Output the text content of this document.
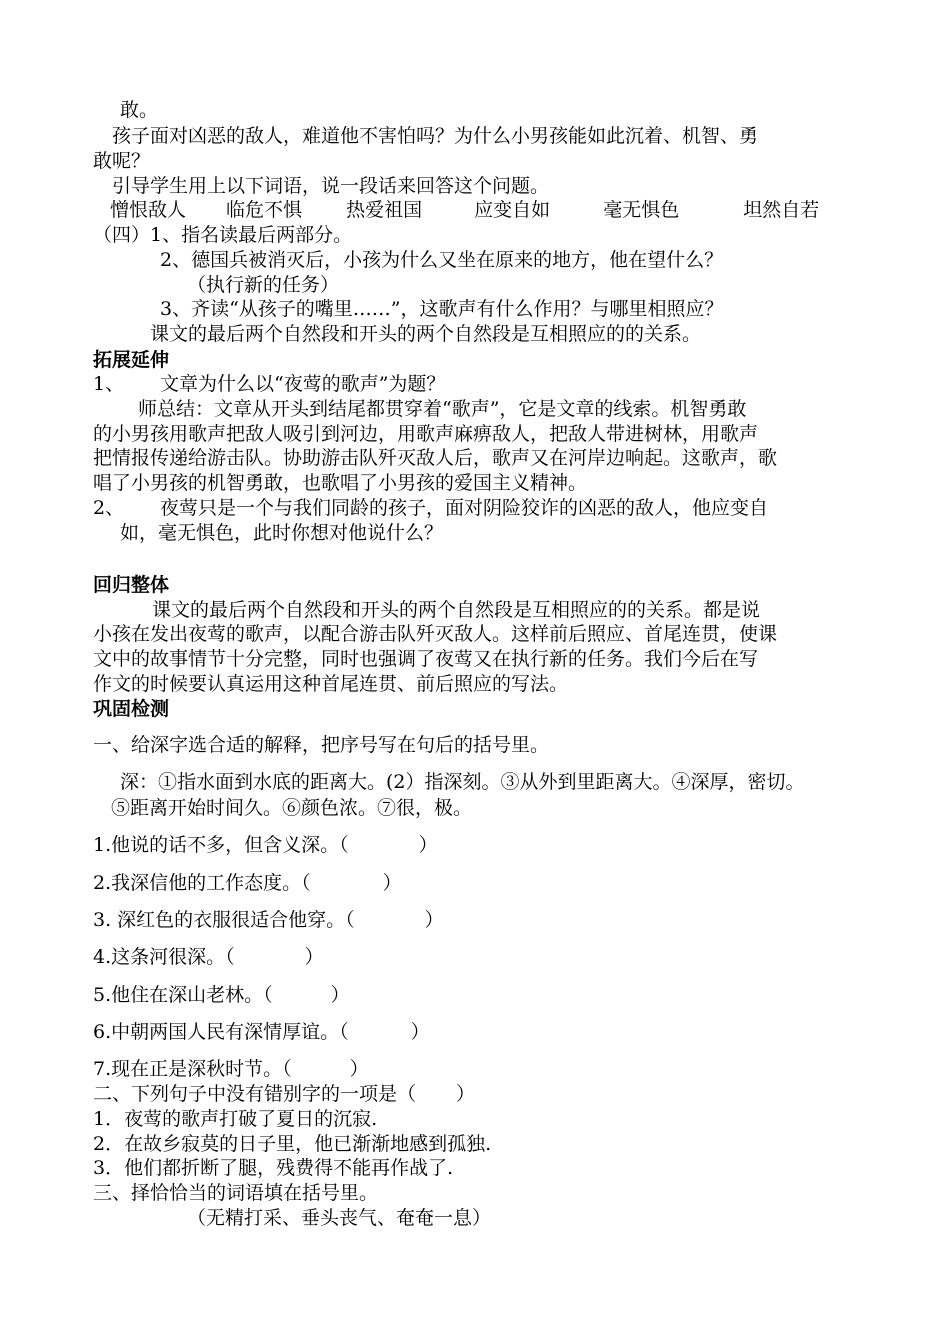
敢。
孩子面对凶恶的敌人，难道他不害怕吗？为什么小男孩能如此沉着、机智、勇
敢呢？
引导学生用上以下词语，说一段话来回答这个问题。
憎恨敌人 临危不惧 热爱祖国	应变自如	毫无惧色	坦然自若
（四）1、指名读最后两部分。
2、德国兵被消灭后，小孩为什么又坐在原来的地方，他在望什么？
（执行新的任务）
3、齐读“从孩子的嘴里……”，这歌声有什么作用？与哪里相照应？
课文的最后两个自然段和开头的两个自然段是互相照应的的关系。
拓展延伸
1、 文章为什么以“夜莺的歌声”为题？
师总结：文章从开头到结尾都贯穿着“歌声”，它是文章的线索。机智勇敢
的小男孩用歌声把敌人吸引到河边，用歌声麻痹敌人，把敌人带进树林，用歌声
把情报传递给游击队。协助游击队歼灭敌人后，歌声又在河岸边响起。这歌声，歌
唱了小男孩的机智勇敢，也歌唱了小男孩的爱国主义精神。
2、 夜莺只是一个与我们同龄的孩子，面对阴险狡诈的凶恶的敌人，他应变自
如，毫无惧色，此时你想对他说什么？
回归整体
课文的最后两个自然段和开头的两个自然段是互相照应的的关系。都是说
小孩在发出夜莺的歌声，以配合游击队歼灭敌人。这样前后照应、首尾连贯，使课
文中的故事情节十分完整，同时也强调了夜莺又在执行新的任务。我们今后在写
作文的时候要认真运用这种首尾连贯、前后照应的写法。
巩固检测
一、给深字选合适的解释，把序号写在句后的括号里。
深：①指水面到水底的距离大。(2）指深刻。③从外到里距离大。④深厚，密切。
⑤距离开始时间久。⑥颜色浓。⑦很，极。
1.他说的话不多，但含义深。（	）
2.我深信他的工作态度。（	）
3. 深红色的衣服很适合他穿。（	）
4.这条河很深。（	）
5.他住在深山老林。（	）
6.中朝两国人民有深情厚谊。（	）
7.现在正是深秋时节。（	）
二、下列句子中没有错别字的一项是（ ）
1．夜莺的歌声打破了夏日的沉寂.
2．在故乡寂莫的日子里，他已渐渐地感到孤独.
3．他们都折断了腿，残费得不能再作战了.
三、择恰恰当的词语填在括号里。
（无精打采、垂头丧气、奄奄一息）
